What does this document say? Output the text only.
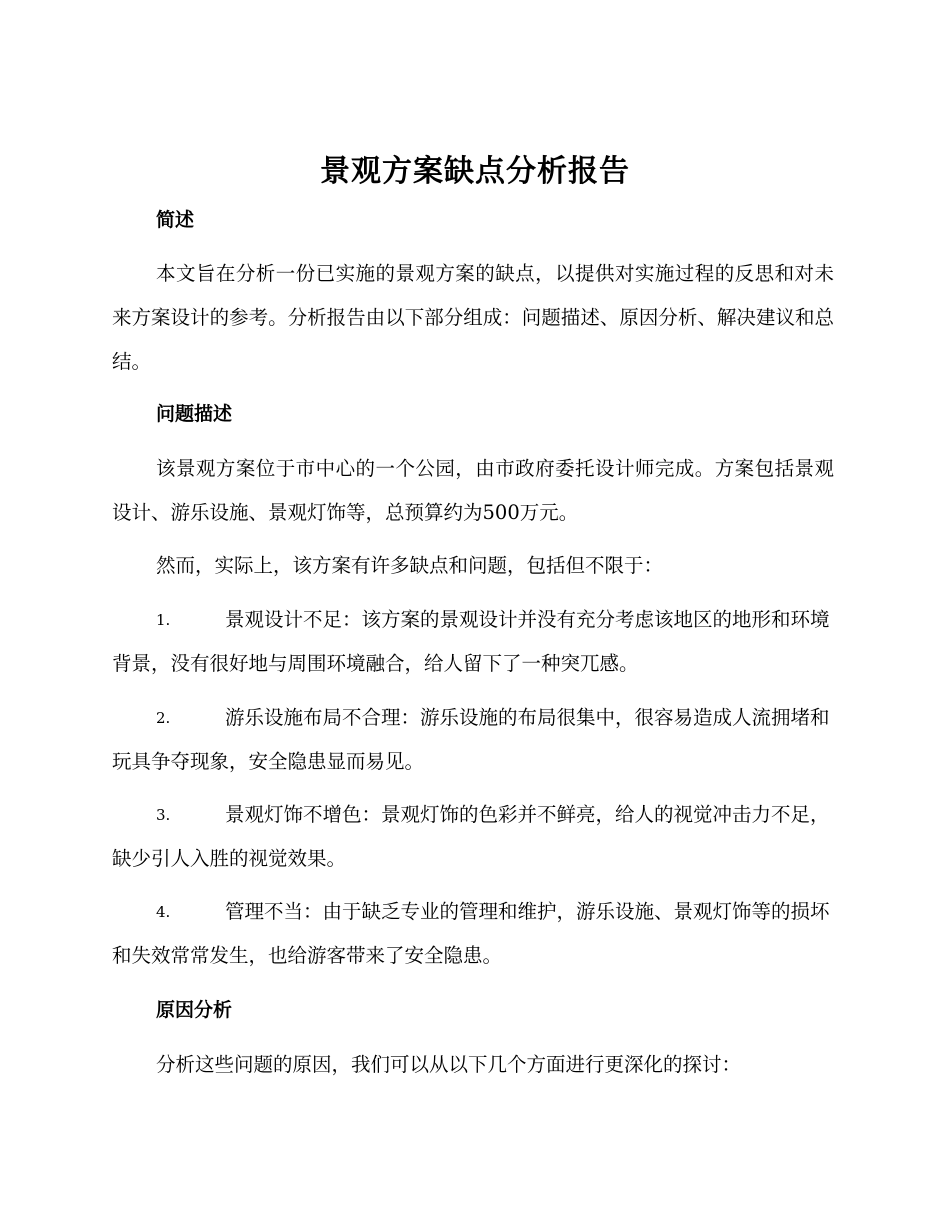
景观方案缺点分析报告
简述
本文旨在分析一份已实施的景观方案的缺点，以提供对实施过程的反思和对未来方案设计的参考。分析报告由以下部分组成：问题描述、原因分析、解决建议和总结。
问题描述
该景观方案位于市中心的一个公园，由市政府委托设计师完成。方案包括景观设计、游乐设施、景观灯饰等，总预算约为500万元。
然而，实际上，该方案有许多缺点和问题，包括但不限于：
1.	景观设计不足：该方案的景观设计并没有充分考虑该地区的地形和环境背景，没有很好地与周围环境融合，给人留下了一种突兀感。
2.	游乐设施布局不合理：游乐设施的布局很集中，很容易造成人流拥堵和玩具争夺现象，安全隐患显而易见。
3.	景观灯饰不增色：景观灯饰的色彩并不鲜亮，给人的视觉冲击力不足，缺少引人入胜的视觉效果。
4.	管理不当：由于缺乏专业的管理和维护，游乐设施、景观灯饰等的损坏和失效常常发生，也给游客带来了安全隐患。
原因分析
分析这些问题的原因，我们可以从以下几个方面进行更深化的探讨：
